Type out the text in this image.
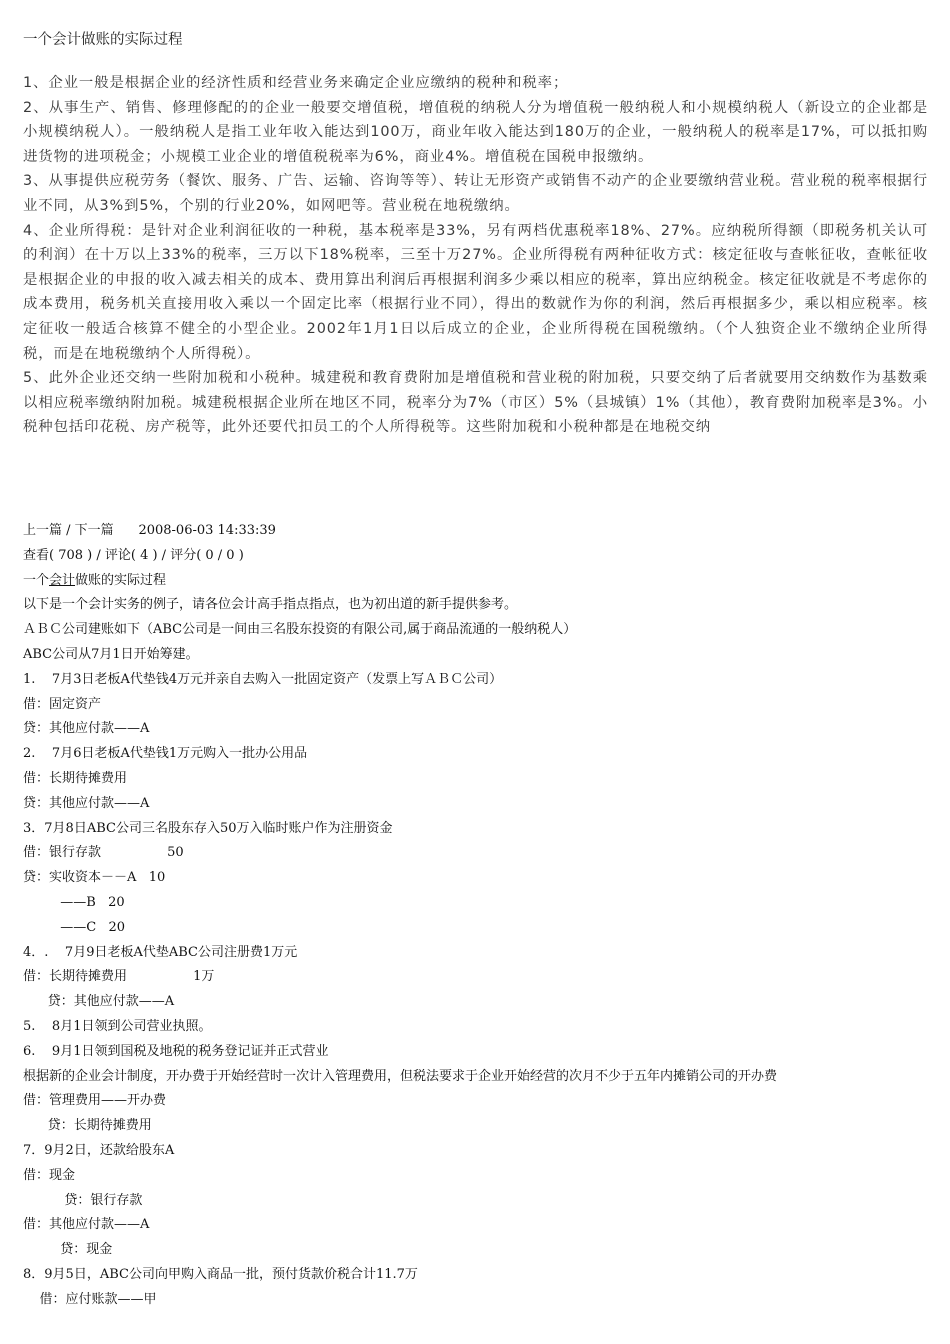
一个会计做账的实际过程

1、企业一般是根据企业的经济性质和经营业务来确定企业应缴纳的税种和税率；

2、从事生产、销售、修理修配的的企业一般要交增值税，增值税的纳税人分为增值税一般纳税人和小规模纳税人（新设立的企业都是小规模纳税人）。一般纳税人是指工业年收入能达到100万，商业年收入能达到180万的企业，一般纳税人的税率是17%，可以抵扣购进货物的进项税金；小规模工业企业的增值税税率为6%，商业4%。增值税在国税申报缴纳。

3、从事提供应税劳务（餐饮、服务、广告、运输、咨询等等）、转让无形资产或销售不动产的企业要缴纳营业税。营业税的税率根据行业不同，从3%到5%，个别的行业20%，如网吧等。营业税在地税缴纳。

4、企业所得税：是针对企业利润征收的一种税，基本税率是33%，另有两档优惠税率18%、27%。应纳税所得额（即税务机关认可的利润）在十万以上33%的税率，三万以下18%税率，三至十万27%。企业所得税有两种征收方式：核定征收与查帐征收，查帐征收是根据企业的申报的收入减去相关的成本、费用算出利润后再根据利润多少乘以相应的税率，算出应纳税金。核定征收就是不考虑你的成本费用，税务机关直接用收入乘以一个固定比率（根据行业不同），得出的数就作为你的利润，然后再根据多少，乘以相应税率。核定征收一般适合核算不健全的小型企业。2002年1月1日以后成立的企业，企业所得税在国税缴纳。（个人独资企业不缴纳企业所得税，而是在地税缴纳个人所得税）。

5、此外企业还交纳一些附加税和小税种。城建税和教育费附加是增值税和营业税的附加税，只要交纳了后者就要用交纳数作为基数乘以相应税率缴纳附加税。城建税根据企业所在地区不同，税率分为7%（市区）5%（县城镇）1%（其他），教育费附加税率是3%。小税种包括印花税、房产税等，此外还要代扣员工的个人所得税等。这些附加税和小税种都是在地税交纳

上一篇 / 下一篇 2008-06-03 14:33:39

查看( 708 ) / 评论( 4 ) / 评分( 0 / 0 )

一个会计做账的实际过程

以下是一个会计实务的例子，请各位会计高手指点指点，也为初出道的新手提供参考。

ＡＢＣ公司建账如下（ABC公司是一间由三名股东投资的有限公司,属于商品流通的一般纳税人）

ABC公司从7月1日开始筹建。

1.    7月3日老板A代垫钱4万元并亲自去购入一批固定资产（发票上写ＡＢＣ公司）

借：固定资产

贷：其他应付款——A

2.    7月6日老板A代垫钱1万元购入一批办公用品

借：长期待摊费用

贷：其他应付款——A

3．7月8日ABC公司三名股东存入50万入临时账户作为注册资金

借：银行存款                50

贷：实收资本－－A   10

——B   20

——C   20

4．.    7月9日老板A代垫ABC公司注册费1万元

借：长期待摊费用                1万

贷：其他应付款——A

5.    8月1日领到公司营业执照。

6.    9月1日领到国税及地税的税务登记证并正式营业

根据新的企业会计制度，开办费于开始经营时一次计入管理费用，但税法要求于企业开始经营的次月不少于五年内摊销公司的开办费

借：管理费用——开办费

贷：长期待摊费用

7．9月2日，还款给股东A

借：现金

贷：银行存款

借：其他应付款——A

贷：现金

8．9月5日，ABC公司向甲购入商品一批，预付货款价税合计11.7万

借：应付账款——甲
